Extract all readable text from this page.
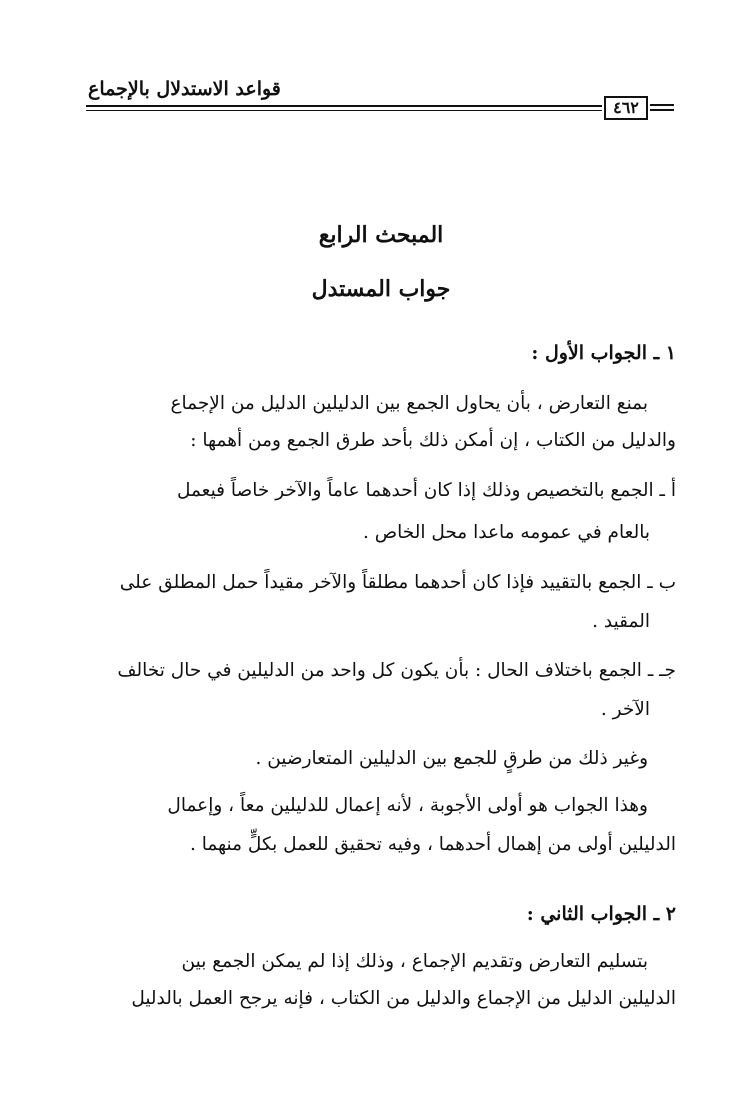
قواعد الاستدلال بالإجماع
٤٦٢
المبحث الرابع
جواب المستدل
١ ـ الجواب الأول :
بمنع التعارض ، بأن يحاول الجمع بين الدليلين الدليل من الإجماع
والدليل من الكتاب ، إن أمكن ذلك بأحد طرق الجمع ومن أهمها :
أ ـ الجمع بالتخصيص وذلك إذا كان أحدهما عاماً والآخر خاصاً فيعمل
بالعام في عمومه ماعدا محل الخاص .
ب ـ الجمع بالتقييد فإذا كان أحدهما مطلقاً والآخر مقيداً حمل المطلق على
المقيد .
جـ ـ الجمع باختلاف الحال : بأن يكون كل واحد من الدليلين في حال تخالف
الآخر .
وغير ذلك من طرقٍ للجمع بين الدليلين المتعارضين .
وهذا الجواب هو أولى الأجوبة ، لأنه إعمال للدليلين معاً ، وإعمال
الدليلين أولى من إهمال أحدهما ، وفيه تحقيق للعمل بكلٍّ منهما .
٢ ـ الجواب الثاني :
بتسليم التعارض وتقديم الإجماع ، وذلك إذا لم يمكن الجمع بين
الدليلين الدليل من الإجماع والدليل من الكتاب ، فإنه يرجح العمل بالدليل
